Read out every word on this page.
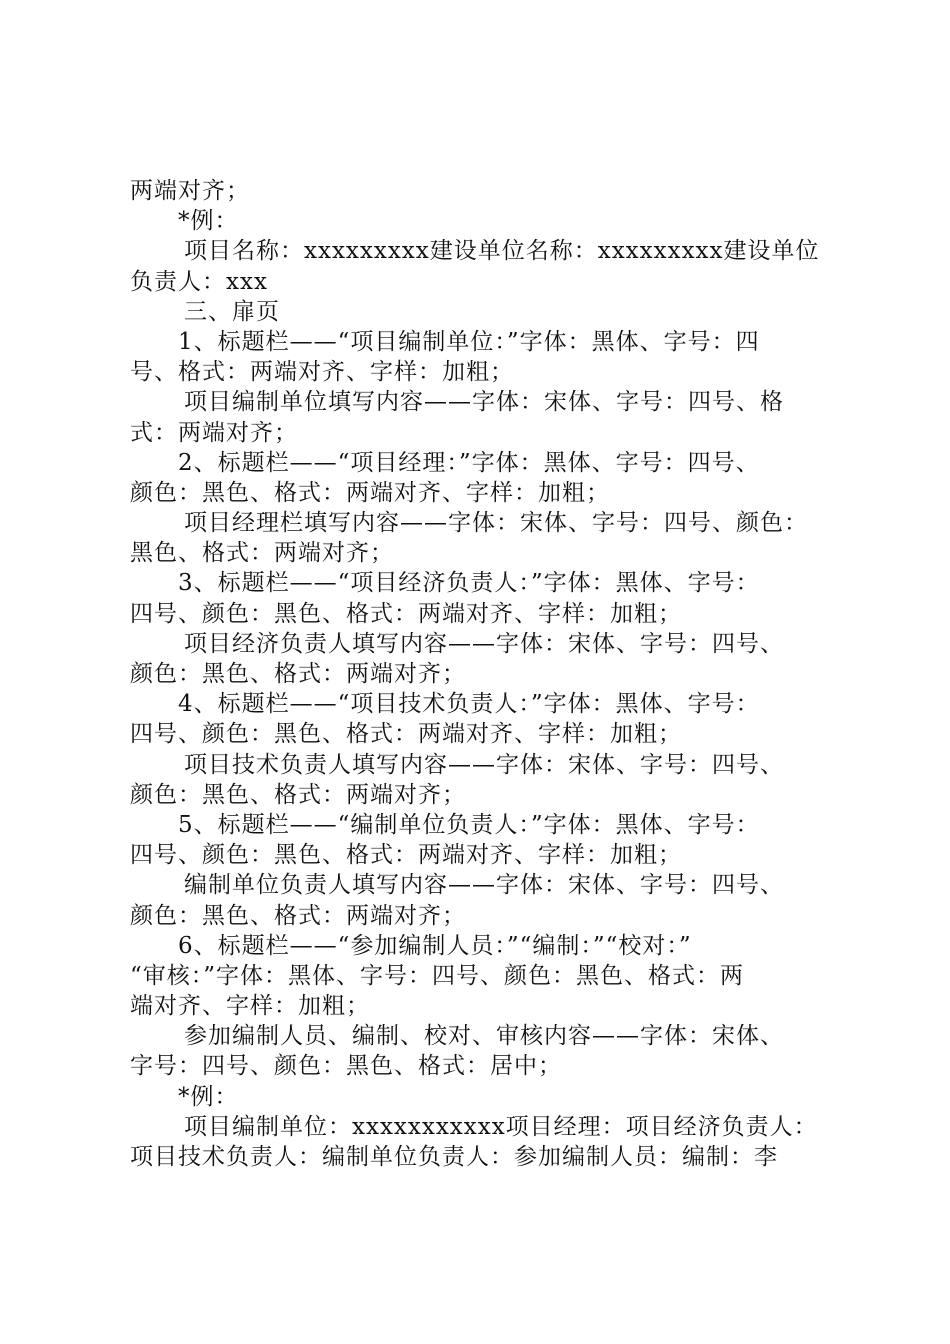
两端对齐；
*例：
项目名称：xxxxxxxxx建设单位名称：xxxxxxxxx建设单位
负责人：xxx
三、扉页
1、标题栏——“项目编制单位：”字体：黑体、字号：四
号、格式：两端对齐、字样：加粗；
项目编制单位填写内容——字体：宋体、字号：四号、格
式：两端对齐；
2、标题栏——“项目经理：”字体：黑体、字号：四号、
颜色：黑色、格式：两端对齐、字样：加粗；
项目经理栏填写内容——字体：宋体、字号：四号、颜色：
黑色、格式：两端对齐；
3、标题栏——“项目经济负责人：”字体：黑体、字号：
四号、颜色：黑色、格式：两端对齐、字样：加粗；
项目经济负责人填写内容——字体：宋体、字号：四号、
颜色：黑色、格式：两端对齐；
4、标题栏——“项目技术负责人：”字体：黑体、字号：
四号、颜色：黑色、格式：两端对齐、字样：加粗；
项目技术负责人填写内容——字体：宋体、字号：四号、
颜色：黑色、格式：两端对齐；
5、标题栏——“编制单位负责人：”字体：黑体、字号：
四号、颜色：黑色、格式：两端对齐、字样：加粗；
编制单位负责人填写内容——字体：宋体、字号：四号、
颜色：黑色、格式：两端对齐；
6、标题栏——“参加编制人员：”“编制：”“校对：”
“审核：”字体：黑体、字号：四号、颜色：黑色、格式：两
端对齐、字样：加粗；
参加编制人员、编制、校对、审核内容——字体：宋体、
字号：四号、颜色：黑色、格式：居中；
*例：
项目编制单位：xxxxxxxxxxx项目经理：项目经济负责人：
项目技术负责人：编制单位负责人：参加编制人员：编制：李
